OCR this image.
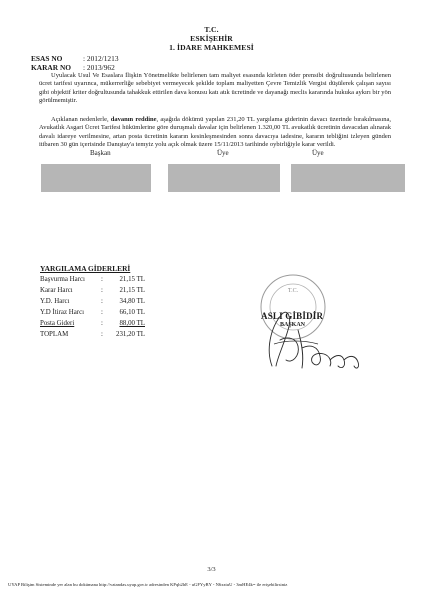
T.C.
ESKİŞEHİR
1. İDARE MAHKEMESİ
ESAS NO	: 2012/1213
KARAR NO : 2013/962
Uyulacak Usul Ve Esaslara İlişkin Yönetmelikte belirlenen tam maliyet esasında kirleten öder prensibi doğrultusunda belirlenen ücret tarifesi uyarınca, mükerrerliğe sebebiyet vermeyecek şekilde toplam maliyetten Çevre Temizlik Vergisi düşülerek çalışan sayısı gibi objektif kriter doğrultusunda tahakkuk ettirilen dava konusu katı atık ücretinde ve dayanağı meclis kararında hukuka aykırı bir yön görülmemiştir.
Açıklanan nedenlerle, davanın reddine, aşağıda dökümü yapılan 231,20 TL yargılama giderinin davacı üzerinde bırakılmasına, Avukatlık Asgari Ücret Tarifesi hükümlerine göre duruşmalı davalar için belirlenen 1.320,00 TL avukatlık ücretinin davacıdan alınarak davalı idareye verilmesine, artan posta ücretinin kararın kesinleşmesinden sonra davacıya iadesine, kararın tebliğini izleyen günden itibaren 30 gün içerisinde Danıştay'a temyiz yolu açık olmak üzere 15/11/2013 tarihinde oybirliğiyle karar verildi.
Başkan	Üye	Üye
YARGILAMA GİDERLERİ
Başvurma Harcı : 21,15 TL
Karar Harcı	: 21,15 TL
Y.D. Harcı	: 34,80 TL
Y.D İtiraz Harcı : 66,10 TL
Posta Gideri	: 88,00 TL
TOPLAM	: 231,20 TL
T.C.
ASLI GİBİDİR
BAŞKAN
3/3
UYAP Bilişim Sisteminde yer alan bu dokümana http://vatandas.uyap.gov.tr adresinden KPqh2hE - uGFYyBY - N6xztuU - 3mHE4k= ile erişebilirsiniz
